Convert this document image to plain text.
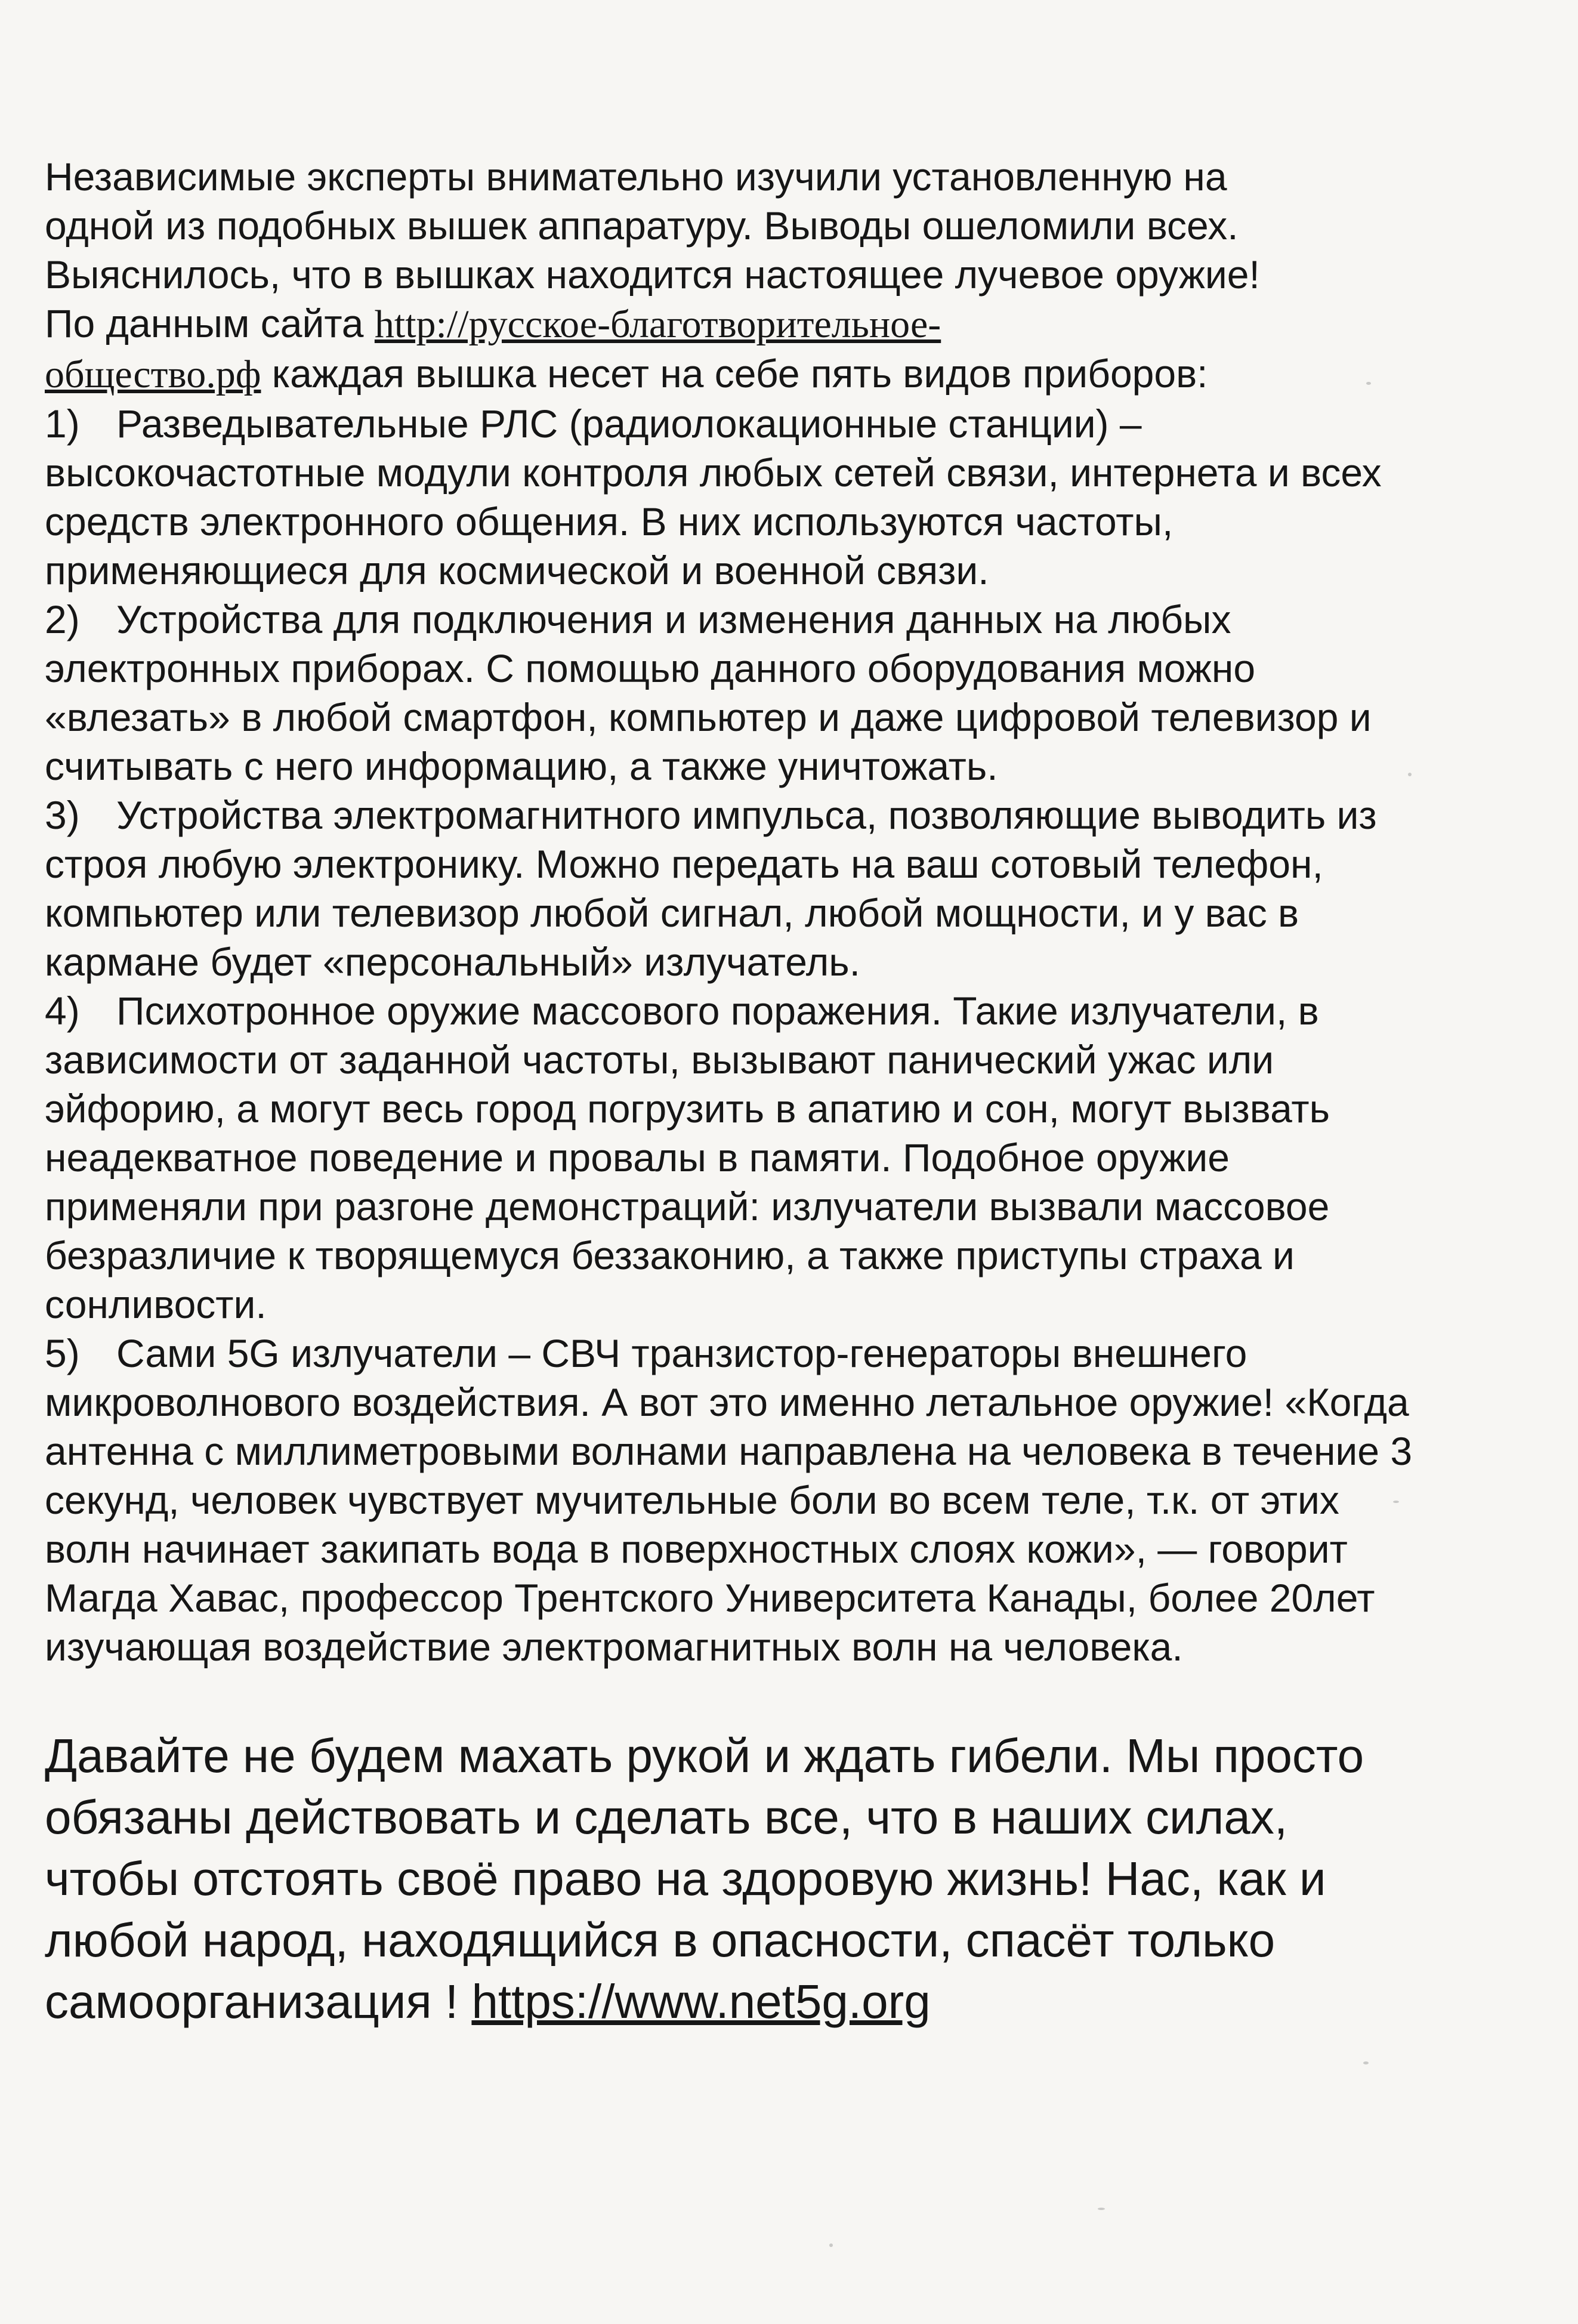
Независимые эксперты внимательно изучили установленную на
одной из подобных вышек аппаратуру. Выводы ошеломили всех.
Выяснилось, что в вышках находится настоящее лучевое оружие!
По данным сайта http://русское-благотворительное-
общество.рф каждая вышка несет на себе пять видов приборов:
1) Разведывательные РЛС (радиолокационные станции) – высокочастотные модули контроля любых сетей связи, интернета и всех средств электронного общения. В них используются частоты, применяющиеся для космической и военной связи.
2) Устройства для подключения и изменения данных на любых электронных приборах. С помощью данного оборудования можно «влезать» в любой смартфон, компьютер и даже цифровой телевизор и считывать с него информацию, а также уничтожать.
3) Устройства электромагнитного импульса, позволяющие выводить из строя любую электронику. Можно передать на ваш сотовый телефон, компьютер или телевизор любой сигнал, любой мощности, и у вас в кармане будет «персональный» излучатель.
4) Психотронное оружие массового поражения. Такие излучатели, в зависимости от заданной частоты, вызывают панический ужас или эйфорию, а могут весь город погрузить в апатию и сон, могут вызвать неадекватное поведение и провалы в памяти. Подобное оружие применяли при разгоне демонстраций: излучатели вызвали массовое безразличие к творящемуся беззаконию, а также приступы страха и сонливости.
5) Сами 5G излучатели – СВЧ транзистор-генераторы внешнего микроволнового воздействия. А вот это именно летальное оружие! «Когда антенна с миллиметровыми волнами направлена на человека в течение 3 секунд, человек чувствует мучительные боли во всем теле, т.к. от этих волн начинает закипать вода в поверхностных слоях кожи», — говорит Магда Хавас, профессор Трентского Университета Канады, более 20лет изучающая воздействие электромагнитных волн на человека.
Давайте не будем махать рукой и ждать гибели. Мы просто обязаны действовать и сделать все, что в наших силах, чтобы отстоять своё право на здоровую жизнь! Нас, как и любой народ, находящийся в опасности, спасёт только самоорганизация ! https://www.net5g.org
